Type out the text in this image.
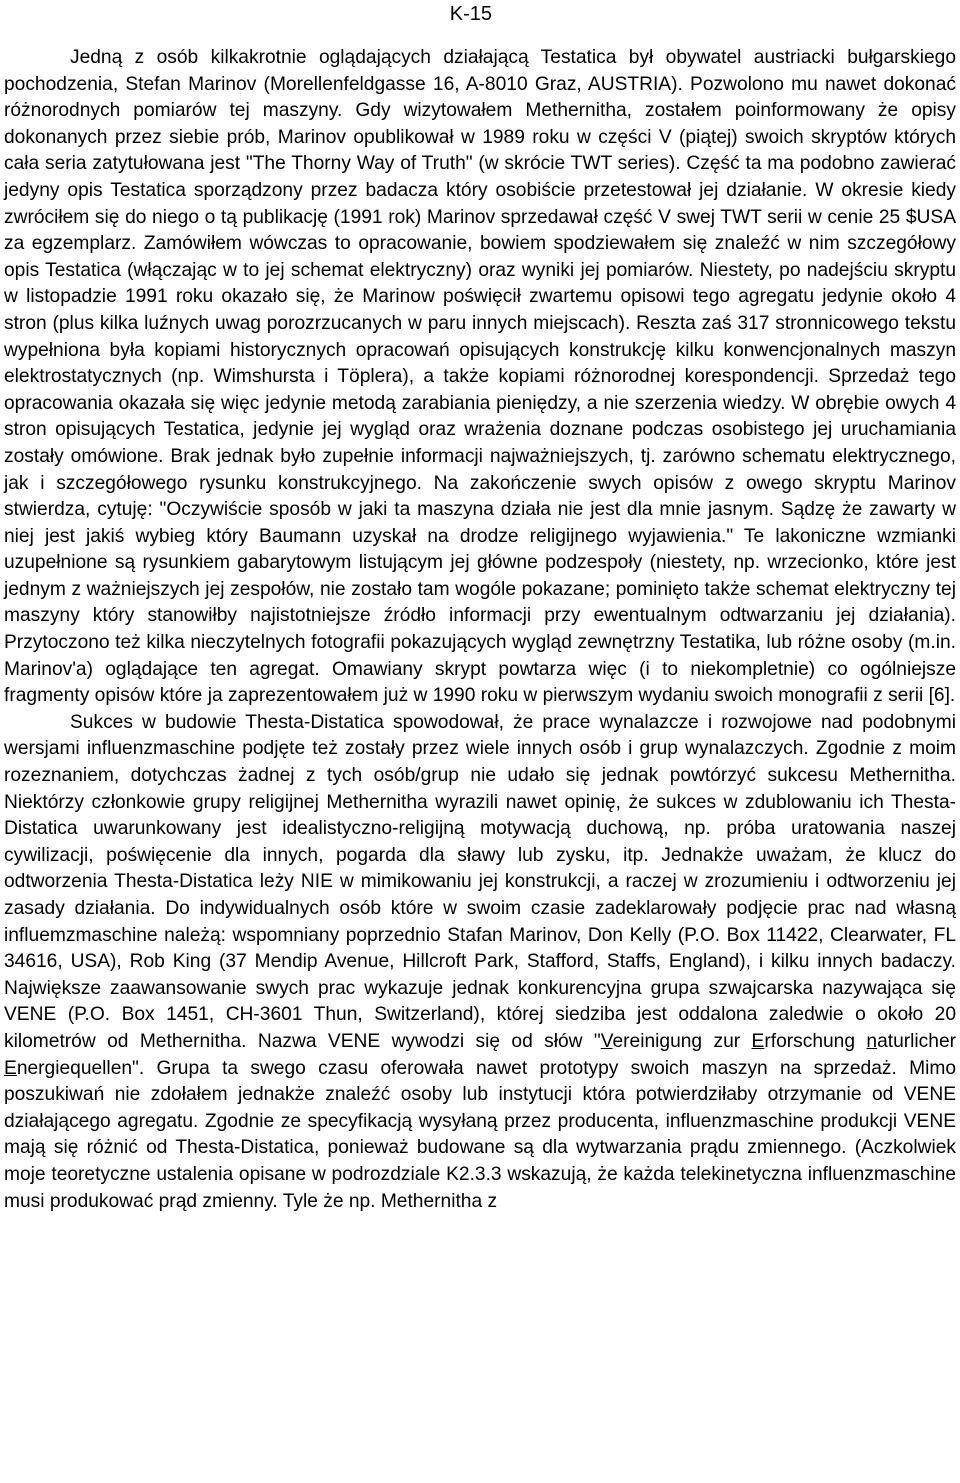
K-15

Jedną z osób kilkakrotnie oglądających działającą Testatica był obywatel austriacki bułgarskiego pochodzenia, Stefan Marinov (Morellenfeldgasse 16, A-8010 Graz, AUSTRIA). Pozwolono mu nawet dokonać różnorodnych pomiarów tej maszyny. Gdy wizytowałem Methernitha, zostałem poinformowany że opisy dokonanych przez siebie prób, Marinov opublikował w 1989 roku w części V (piątej) swoich skryptów których cała seria zatytułowana jest "The Thorny Way of Truth" (w skrócie TWT series). Część ta ma podobno zawierać jedyny opis Testatica sporządzony przez badacza który osobiście przetestował jej działanie. W okresie kiedy zwróciłem się do niego o tą publikację (1991 rok) Marinov sprzedawał część V swej TWT serii w cenie 25 $USA za egzemplarz. Zamówiłem wówczas to opracowanie, bowiem spodziewałem się znaleźć w nim szczegółowy opis Testatica (włączając w to jej schemat elektryczny) oraz wyniki jej pomiarów. Niestety, po nadejściu skryptu w listopadzie 1991 roku okazało się, że Marinow poświęcił zwartemu opisowi tego agregatu jedynie około 4 stron (plus kilka luźnych uwag porozrzucanych w paru innych miejscach). Reszta zaś 317 stronnicowego tekstu wypełniona była kopiami historycznych opracowań opisujących konstrukcję kilku konwencjonalnych maszyn elektrostatycznych (np. Wimshursta i Töplera), a także kopiami różnorodnej korespondencji. Sprzedaż tego opracowania okazała się więc jedynie metodą zarabiania pieniędzy, a nie szerzenia wiedzy. W obrębie owych 4 stron opisujących Testatica, jedynie jej wygląd oraz wrażenia doznane podczas osobistego jej uruchamiania zostały omówione. Brak jednak było zupełnie informacji najważniejszych, tj. zarówno schematu elektrycznego, jak i szczegółowego rysunku konstrukcyjnego. Na zakończenie swych opisów z owego skryptu Marinov stwierdza, cytuję: "Oczywiście sposób w jaki ta maszyna działa nie jest dla mnie jasnym. Sądzę że zawarty w niej jest jakiś wybieg który Baumann uzyskał na drodze religijnego wyjawienia." Te lakoniczne wzmianki uzupełnione są rysunkiem gabarytowym listującym jej główne podzespoły (niestety, np. wrzecionko, które jest jednym z ważniejszych jej zespołów, nie zostało tam wogóle pokazane; pominięto także schemat elektryczny tej maszyny który stanowiłby najistotniejsze źródło informacji przy ewentualnym odtwarzaniu jej działania). Przytoczono też kilka nieczytelnych fotografii pokazujących wygląd zewnętrzny Testatika, lub różne osoby (m.in. Marinov'a) oglądające ten agregat. Omawiany skrypt powtarza więc (i to niekompletnie) co ogólniejsze fragmenty opisów które ja zaprezentowałem już w 1990 roku w pierwszym wydaniu swoich monografii z serii [6].

Sukces w budowie Thesta-Distatica spowodował, że prace wynalazcze i rozwojowe nad podobnymi wersjami influenzmaschine podjęte też zostały przez wiele innych osób i grup wynalazczych. Zgodnie z moim rozeznaniem, dotychczas żadnej z tych osób/grup nie udało się jednak powtórzyć sukcesu Methernitha. Niektórzy członkowie grupy religijnej Methernitha wyrazili nawet opinię, że sukces w zdublowaniu ich Thesta-Distatica uwarunkowany jest idealistyczno-religijną motywacją duchową, np. próba uratowania naszej cywilizacji, poświęcenie dla innych, pogarda dla sławy lub zysku, itp. Jednakże uważam, że klucz do odtworzenia Thesta-Distatica leży NIE w mimikowaniu jej konstrukcji, a raczej w zrozumieniu i odtworzeniu jej zasady działania. Do indywidualnych osób które w swoim czasie zadeklarowały podjęcie prac nad własną influemzmaschine należą: wspomniany poprzednio Stafan Marinov, Don Kelly (P.O. Box 11422, Clearwater, FL 34616, USA), Rob King (37 Mendip Avenue, Hillcroft Park, Stafford, Staffs, England), i kilku innych badaczy. Największe zaawansowanie swych prac wykazuje jednak konkurencyjna grupa szwajcarska nazywająca się VENE (P.O. Box 1451, CH-3601 Thun, Switzerland), której siedziba jest oddalona zaledwie o około 20 kilometrów od Methernitha. Nazwa VENE wywodzi się od słów "Vereinigung zur Erforschung naturlicher Energiequellen". Grupa ta swego czasu oferowała nawet prototypy swoich maszyn na sprzedaż. Mimo poszukiwań nie zdołałem jednakże znaleźć osoby lub instytucji która potwierdziłaby otrzymanie od VENE działającego agregatu. Zgodnie ze specyfikacją wysyłaną przez producenta, influenzmaschine produkcji VENE mają się różnić od Thesta-Distatica, ponieważ budowane są dla wytwarzania prądu zmiennego. (Aczkolwiek moje teoretyczne ustalenia opisane w podrozdziale K2.3.3 wskazują, że każda telekinetyczna influenzmaschine musi produkować prąd zmienny. Tyle że np. Methernitha z
